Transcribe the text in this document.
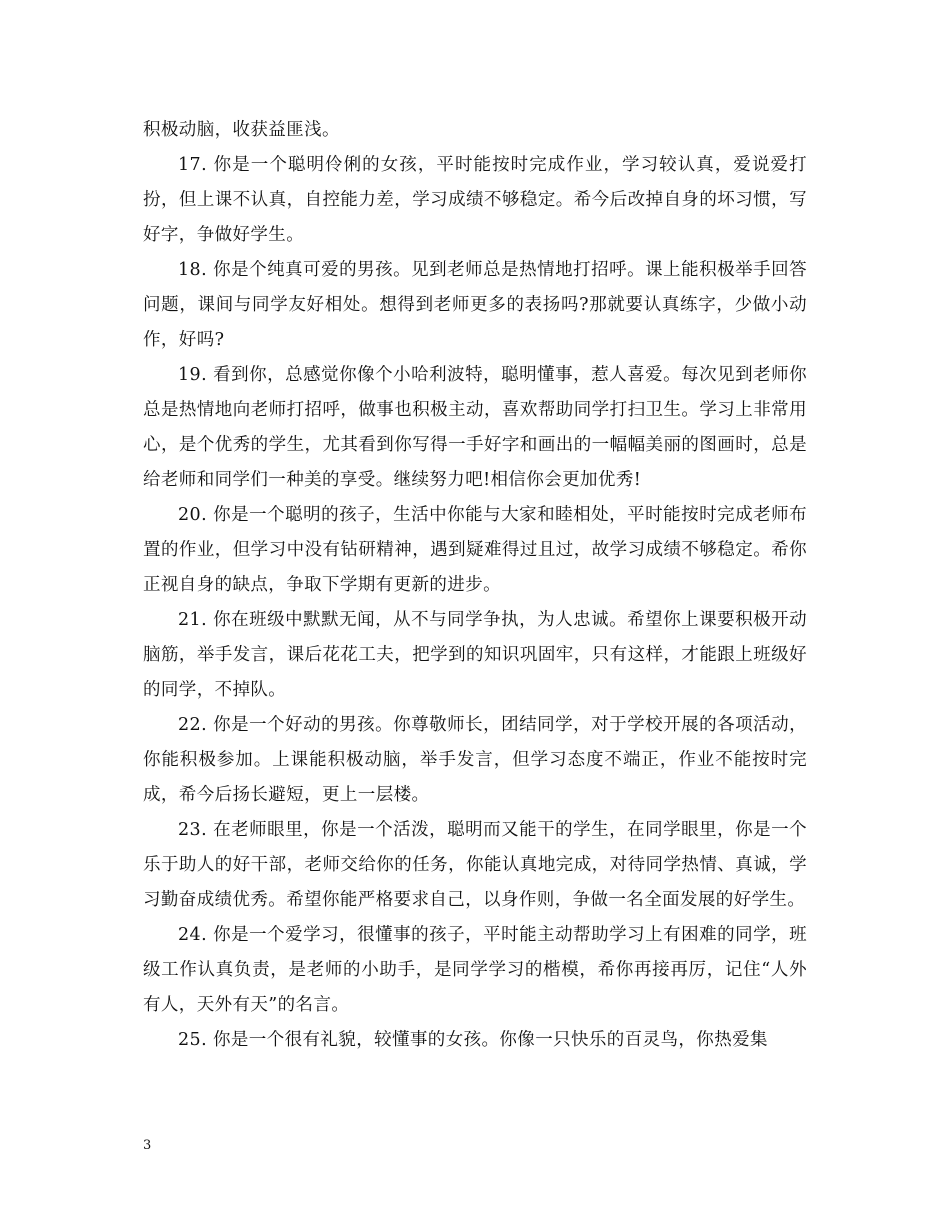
积极动脑，收获益匪浅。

17. 你是一个聪明伶俐的女孩，平时能按时完成作业，学习较认真，爱说爱打扮，但上课不认真，自控能力差，学习成绩不够稳定。希今后改掉自身的坏习惯，写好字，争做好学生。

18. 你是个纯真可爱的男孩。见到老师总是热情地打招呼。课上能积极举手回答问题，课间与同学友好相处。想得到老师更多的表扬吗?那就要认真练字，少做小动作，好吗?

19. 看到你，总感觉你像个小哈利波特，聪明懂事，惹人喜爱。每次见到老师你总是热情地向老师打招呼，做事也积极主动，喜欢帮助同学打扫卫生。学习上非常用心，是个优秀的学生，尤其看到你写得一手好字和画出的一幅幅美丽的图画时，总是给老师和同学们一种美的享受。继续努力吧!相信你会更加优秀!

20. 你是一个聪明的孩子，生活中你能与大家和睦相处，平时能按时完成老师布置的作业，但学习中没有钻研精神，遇到疑难得过且过，故学习成绩不够稳定。希你正视自身的缺点，争取下学期有更新的进步。

21. 你在班级中默默无闻，从不与同学争执，为人忠诚。希望你上课要积极开动脑筋，举手发言，课后花花工夫，把学到的知识巩固牢，只有这样，才能跟上班级好的同学，不掉队。

22. 你是一个好动的男孩。你尊敬师长，团结同学，对于学校开展的各项活动，你能积极参加。上课能积极动脑，举手发言，但学习态度不端正，作业不能按时完成，希今后扬长避短，更上一层楼。

23. 在老师眼里，你是一个活泼，聪明而又能干的学生，在同学眼里，你是一个乐于助人的好干部，老师交给你的任务，你能认真地完成，对待同学热情、真诚，学习勤奋成绩优秀。希望你能严格要求自己，以身作则，争做一名全面发展的好学生。

24. 你是一个爱学习，很懂事的孩子，平时能主动帮助学习上有困难的同学，班级工作认真负责，是老师的小助手，是同学学习的楷模，希你再接再厉，记住“人外有人，天外有天”的名言。

25. 你是一个很有礼貌，较懂事的女孩。你像一只快乐的百灵鸟，你热爱集

3
